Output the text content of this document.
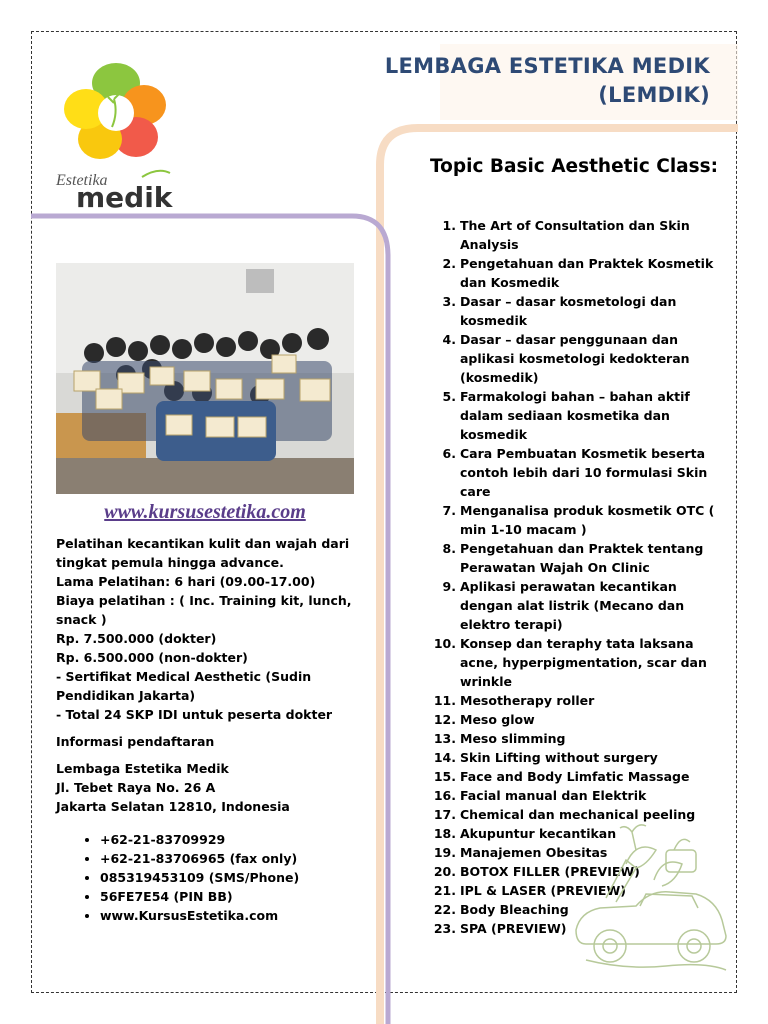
Estetika
medik
LEMBAGA ESTETIKA MEDIK
(LEMDIK)
www.kursusestetika.com

Pelatihan kecantikan kulit dan wajah dari tingkat pemula hingga advance.

Lama Pelatihan: 6 hari (09.00-17.00)

Biaya pelatihan : ( Inc. Training kit, lunch, snack )

Rp. 7.500.000 (dokter)

Rp. 6.500.000 (non-dokter)

- Sertifikat Medical Aesthetic (Sudin Pendidikan Jakarta)

- Total 24 SKP IDI untuk peserta dokter

Informasi pendaftaran

Lembaga Estetika Medik

Jl. Tebet Raya No. 26 A

Jakarta Selatan 12810, Indonesia

• +62-21-83709929
• +62-21-83706965 (fax only)
• 085319453109 (SMS/Phone)
• 56FE7E54 (PIN BB)
• www.KursusEstetika.com
Topic Basic Aesthetic Class:
1. The Art of Consultation dan Skin Analysis
2. Pengetahuan dan Praktek Kosmetik dan Kosmedik
3. Dasar – dasar kosmetologi dan kosmedik
4. Dasar – dasar penggunaan dan aplikasi kosmetologi kedokteran (kosmedik)
5. Farmakologi bahan – bahan aktif dalam sediaan kosmetika dan kosmedik
6. Cara Pembuatan Kosmetik beserta contoh lebih dari 10 formulasi Skin care
7. Menganalisa produk kosmetik OTC ( min 1-10 macam )
8. Pengetahuan dan Praktek tentang Perawatan Wajah On Clinic
9. Aplikasi perawatan kecantikan dengan alat listrik (Mecano dan elektro terapi)
10. Konsep dan teraphy tata laksana acne, hyperpigmentation, scar dan wrinkle
11. Mesotherapy roller
12. Meso glow
13. Meso slimming
14. Skin Lifting without surgery
15. Face and Body Limfatic Massage
16. Facial manual dan Elektrik
17. Chemical dan mechanical peeling
18. Akupuntur kecantikan
19. Manajemen Obesitas
20. BOTOX FILLER (PREVIEW)
21. IPL & LASER (PREVIEW)
22. Body Bleaching
23. SPA (PREVIEW)
